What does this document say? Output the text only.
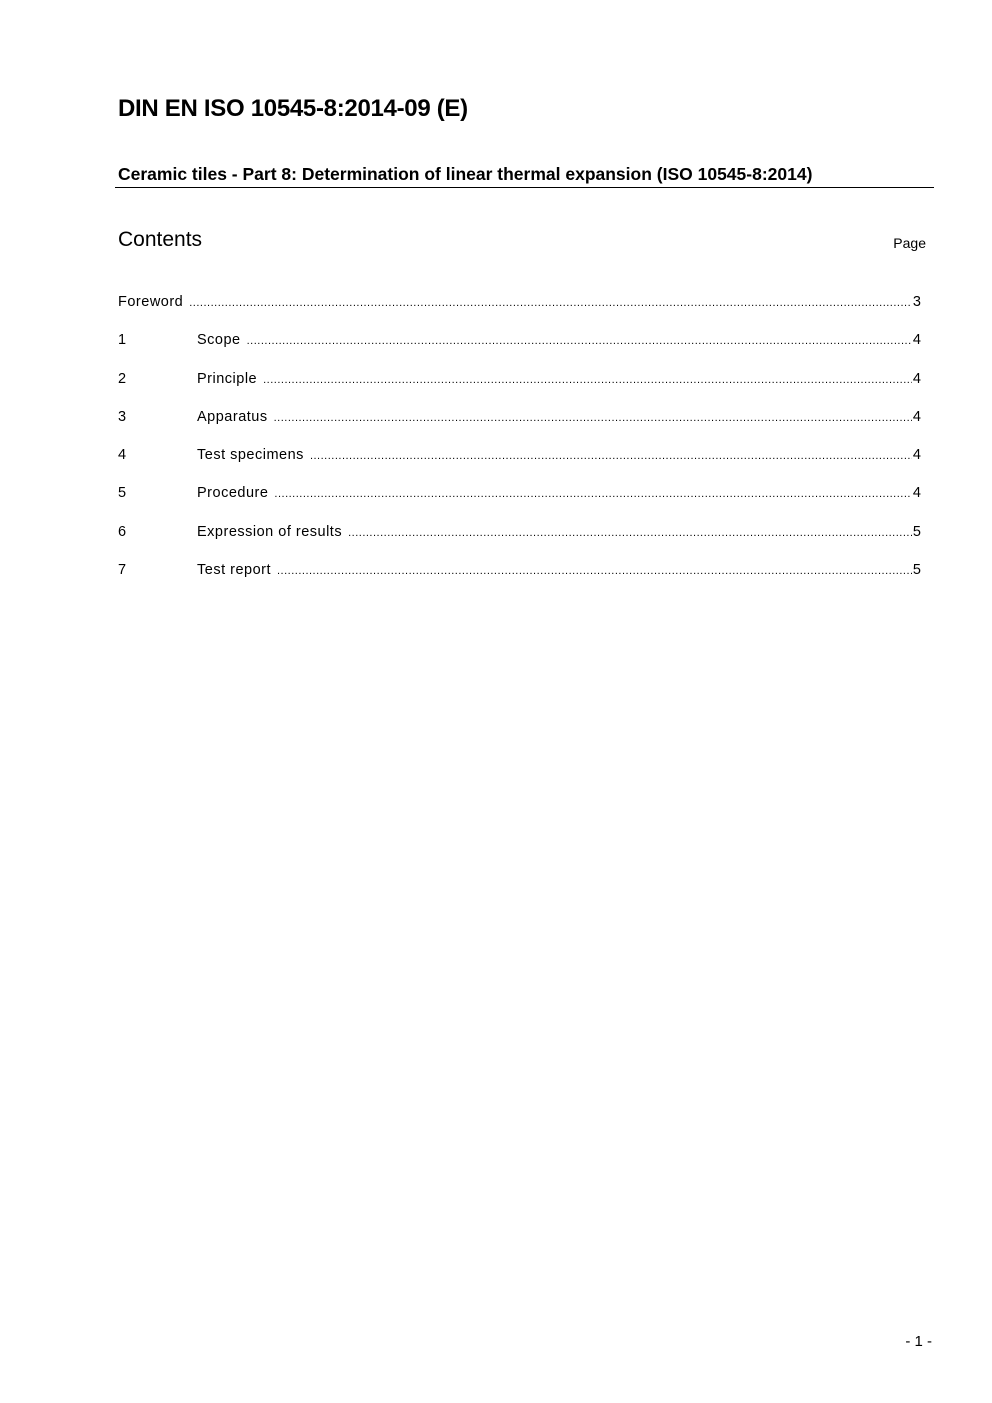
DIN EN ISO 10545-8:2014-09 (E)
Ceramic tiles - Part 8: Determination of linear thermal expansion (ISO 10545-8:2014)
Contents	Page
Foreword .....	3
1	Scope .....	4
2	Principle .....	4
3	Apparatus .....	4
4	Test specimens .....	4
5	Procedure .....	4
6	Expression of results .....	5
7	Test report .....	5
- 1 -
